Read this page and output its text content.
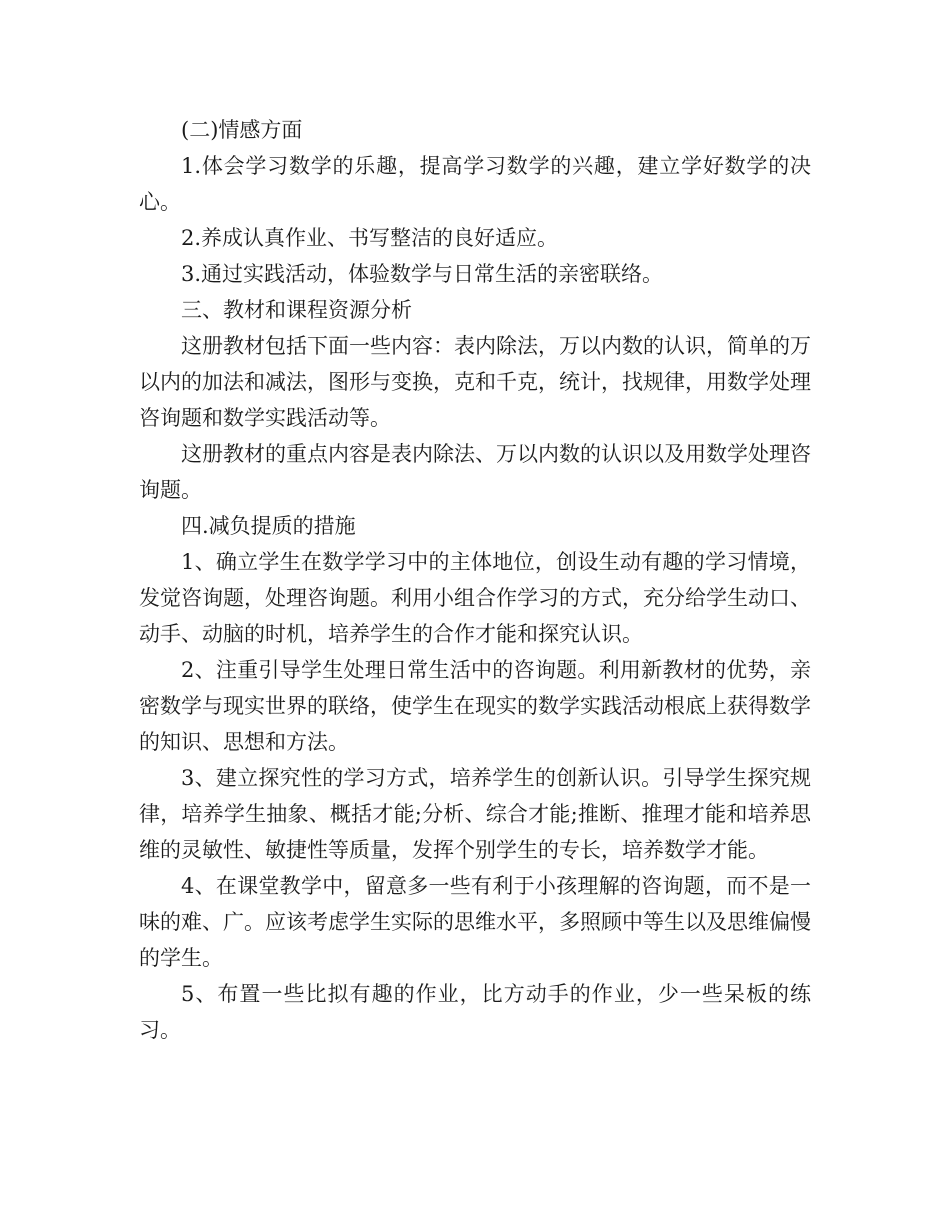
(二)情感方面

1.体会学习数学的乐趣，提高学习数学的兴趣，建立学好数学的决心。

2.养成认真作业、书写整洁的良好适应。

3.通过实践活动，体验数学与日常生活的亲密联络。

三、教材和课程资源分析

这册教材包括下面一些内容：表内除法，万以内数的认识，简单的万以内的加法和减法，图形与变换，克和千克，统计，找规律，用数学处理咨询题和数学实践活动等。

这册教材的重点内容是表内除法、万以内数的认识以及用数学处理咨询题。

四.减负提质的措施

1、确立学生在数学学习中的主体地位，创设生动有趣的学习情境，发觉咨询题，处理咨询题。利用小组合作学习的方式，充分给学生动口、动手、动脑的时机，培养学生的合作才能和探究认识。

2、注重引导学生处理日常生活中的咨询题。利用新教材的优势，亲密数学与现实世界的联络，使学生在现实的数学实践活动根底上获得数学的知识、思想和方法。

3、建立探究性的学习方式，培养学生的创新认识。引导学生探究规律，培养学生抽象、概括才能;分析、综合才能;推断、推理才能和培养思维的灵敏性、敏捷性等质量，发挥个别学生的专长，培养数学才能。

4、在课堂教学中，留意多一些有利于小孩理解的咨询题，而不是一味的难、广。应该考虑学生实际的思维水平，多照顾中等生以及思维偏慢的学生。

5、布置一些比拟有趣的作业，比方动手的作业，少一些呆板的练习。
